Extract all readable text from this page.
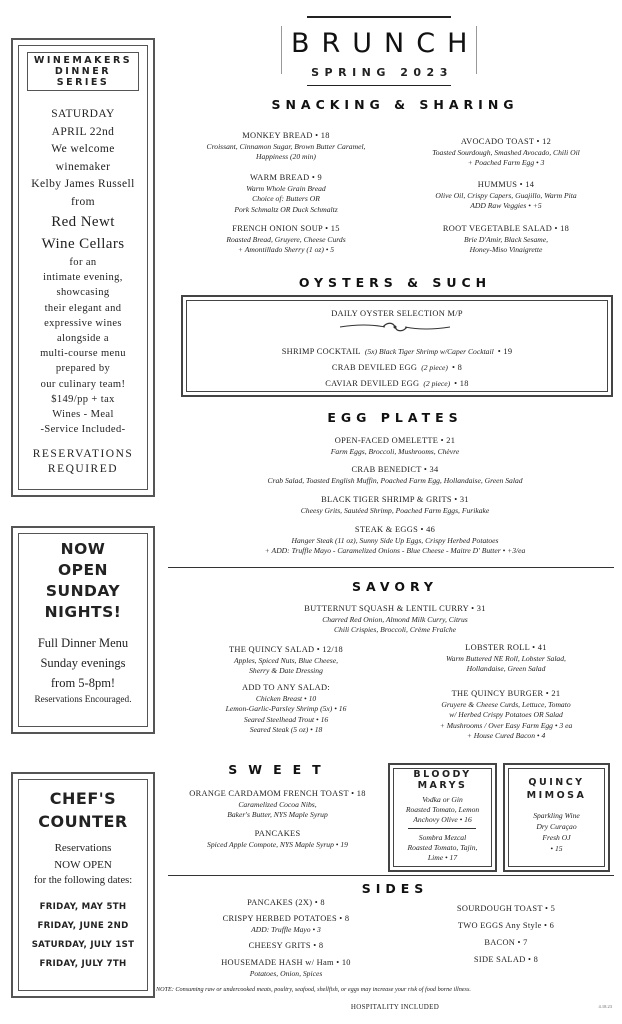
WINEMAKERS DINNER SERIES
SATURDAY
APRIL 22nd
We welcome
winemaker
Kelby James Russell
from
Red Newt
Wine Cellars
for an
intimate evening,
showcasing
their elegant and
expressive wines
alongside a
multi-course menu
prepared by
our culinary team!
$149/pp + tax
Wines - Meal
-Service Included-
RESERVATIONS
REQUIRED
NOW
OPEN
SUNDAY
NIGHTS!
Full Dinner Menu
Sunday evenings
from 5-8pm!
Reservations Encouraged.
CHEF'S
COUNTER
Reservations
NOW OPEN
for the following dates:
FRIDAY, MAY 5TH
FRIDAY, JUNE 2ND
SATURDAY, JULY 1ST
FRIDAY, JULY 7TH
BRUNCH
SPRING 2023
SNACKING & SHARING
MONKEY BREAD • 18
Croissant, Cinnamon Sugar, Brown Butter Caramel,
Happiness (20 min)
WARM BREAD • 9
Warm Whole Grain Bread
Choice of: Butters OR
Pork Schmaltz OR Duck Schmaltz
FRENCH ONION SOUP • 15
Roasted Bread, Gruyere, Cheese Curds
+ Amontillado Sherry (1 oz) • 5
AVOCADO TOAST • 12
Toasted Sourdough, Smashed Avocado, Chili Oil
+ Poached Farm Egg • 3
HUMMUS • 14
Olive Oil, Crispy Capers, Guajillo, Warm Pita
ADD Raw Veggies • +5
ROOT VEGETABLE SALAD • 18
Brie D'Amir, Black Sesame,
Honey-Miso Vinaigrette
OYSTERS & SUCH
DAILY OYSTER SELECTION M/P
SHRIMP COCKTAIL (5x) Black Tiger Shrimp w/Caper Cocktail • 19
CRAB DEVILED EGG (2 piece) • 8
CAVIAR DEVILED EGG (2 piece) • 18
EGG PLATES
OPEN-FACED OMELETTE • 21
Farm Eggs, Broccoli, Mushrooms, Chèvre
CRAB BENEDICT • 34
Crab Salad, Toasted English Muffin, Poached Farm Egg, Hollandaise, Green Salad
BLACK TIGER SHRIMP & GRITS • 31
Cheesy Grits, Sautéed Shrimp, Poached Farm Eggs, Furikake
STEAK & EGGS • 46
Hanger Steak (11 oz), Sunny Side Up Eggs, Crispy Herbed Potatoes
+ ADD: Truffle Mayo - Caramelized Onions - Blue Cheese - Maitre D' Butter • +3/ea
SAVORY
BUTTERNUT SQUASH & LENTIL CURRY • 31
Charred Red Onion, Almond Milk Curry, Citrus
Chili Crispies, Broccoli, Crème Fraîche
THE QUINCY SALAD • 12/18
Apples, Spiced Nuts, Blue Cheese,
Sherry & Date Dressing
ADD TO ANY SALAD:
Chicken Breast • 10
Lemon-Garlic-Parsley Shrimp (5x) • 16
Seared Steelhead Trout • 16
Seared Steak (5 oz) • 18
LOBSTER ROLL • 41
Warm Buttered NE Roll, Lobster Salad,
Hollandaise, Green Salad
THE QUINCY BURGER • 21
Gruyere & Cheese Curds, Lettuce, Tomato
w/ Herbed Crispy Potatoes OR Salad
+ Mushrooms / Over Easy Farm Egg • 3 ea
+ House Cured Bacon • 4
SWEET
ORANGE CARDAMOM FRENCH TOAST • 18
Caramelized Cocoa Nibs,
Baker's Butter, NYS Maple Syrup
PANCAKES
Spiced Apple Compote, NYS Maple Syrup • 19
BLOODY
MARYS
Vodka or Gin
Roasted Tomato, Lemon
Anchovy Olive • 16
Sombra Mezcal
Roasted Tomato, Tajin,
Lime • 17
QUINCY
MIMOSA
Sparkling Wine
Dry Curaçao
Fresh OJ
• 15
SIDES
PANCAKES (2X) • 8
CRISPY HERBED POTATOES • 8
ADD: Truffle Mayo • 3
CHEESY GRITS • 8
HOUSEMADE HASH w/ Ham • 10
Potatoes, Onion, Spices
SOURDOUGH TOAST • 5
TWO EGGS Any Style • 6
BACON • 7
SIDE SALAD • 8
NOTE: Consuming raw or undercooked meats, poultry, seafood, shellfish, or eggs may increase your risk of food borne illness.
HOSPITALITY INCLUDED	4.18.23
